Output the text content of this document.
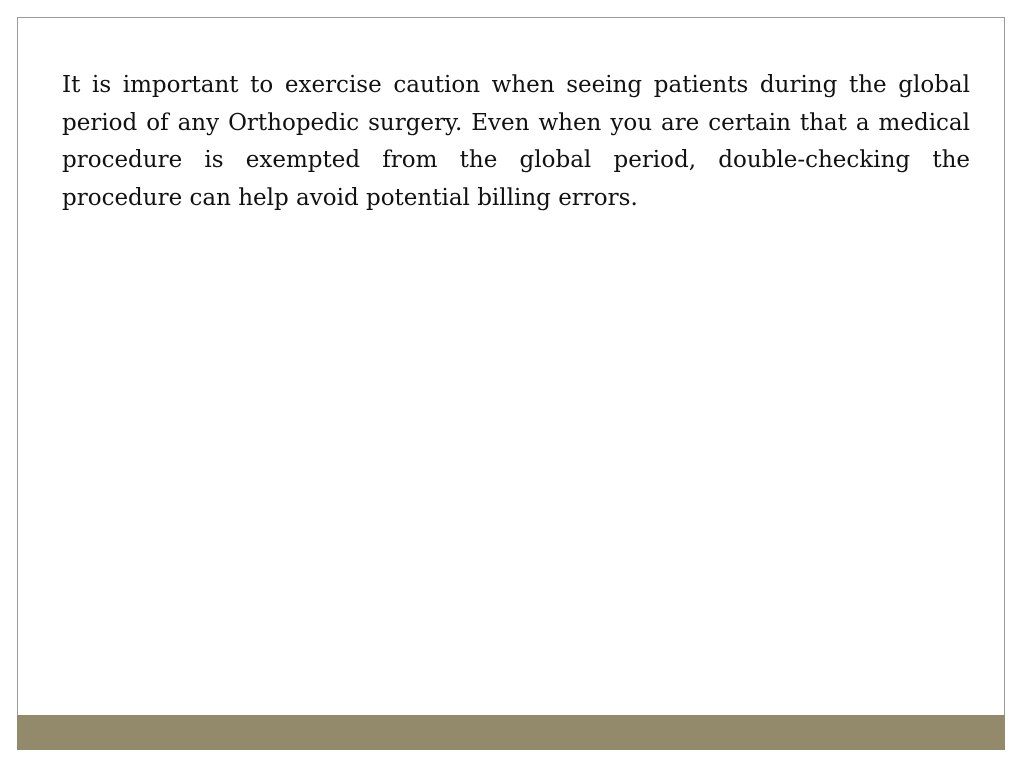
It is important to exercise caution when seeing patients during the global period of any Orthopedic surgery. Even when you are certain that a medical procedure is exempted from the global period, double-checking the procedure can help avoid potential billing errors.
